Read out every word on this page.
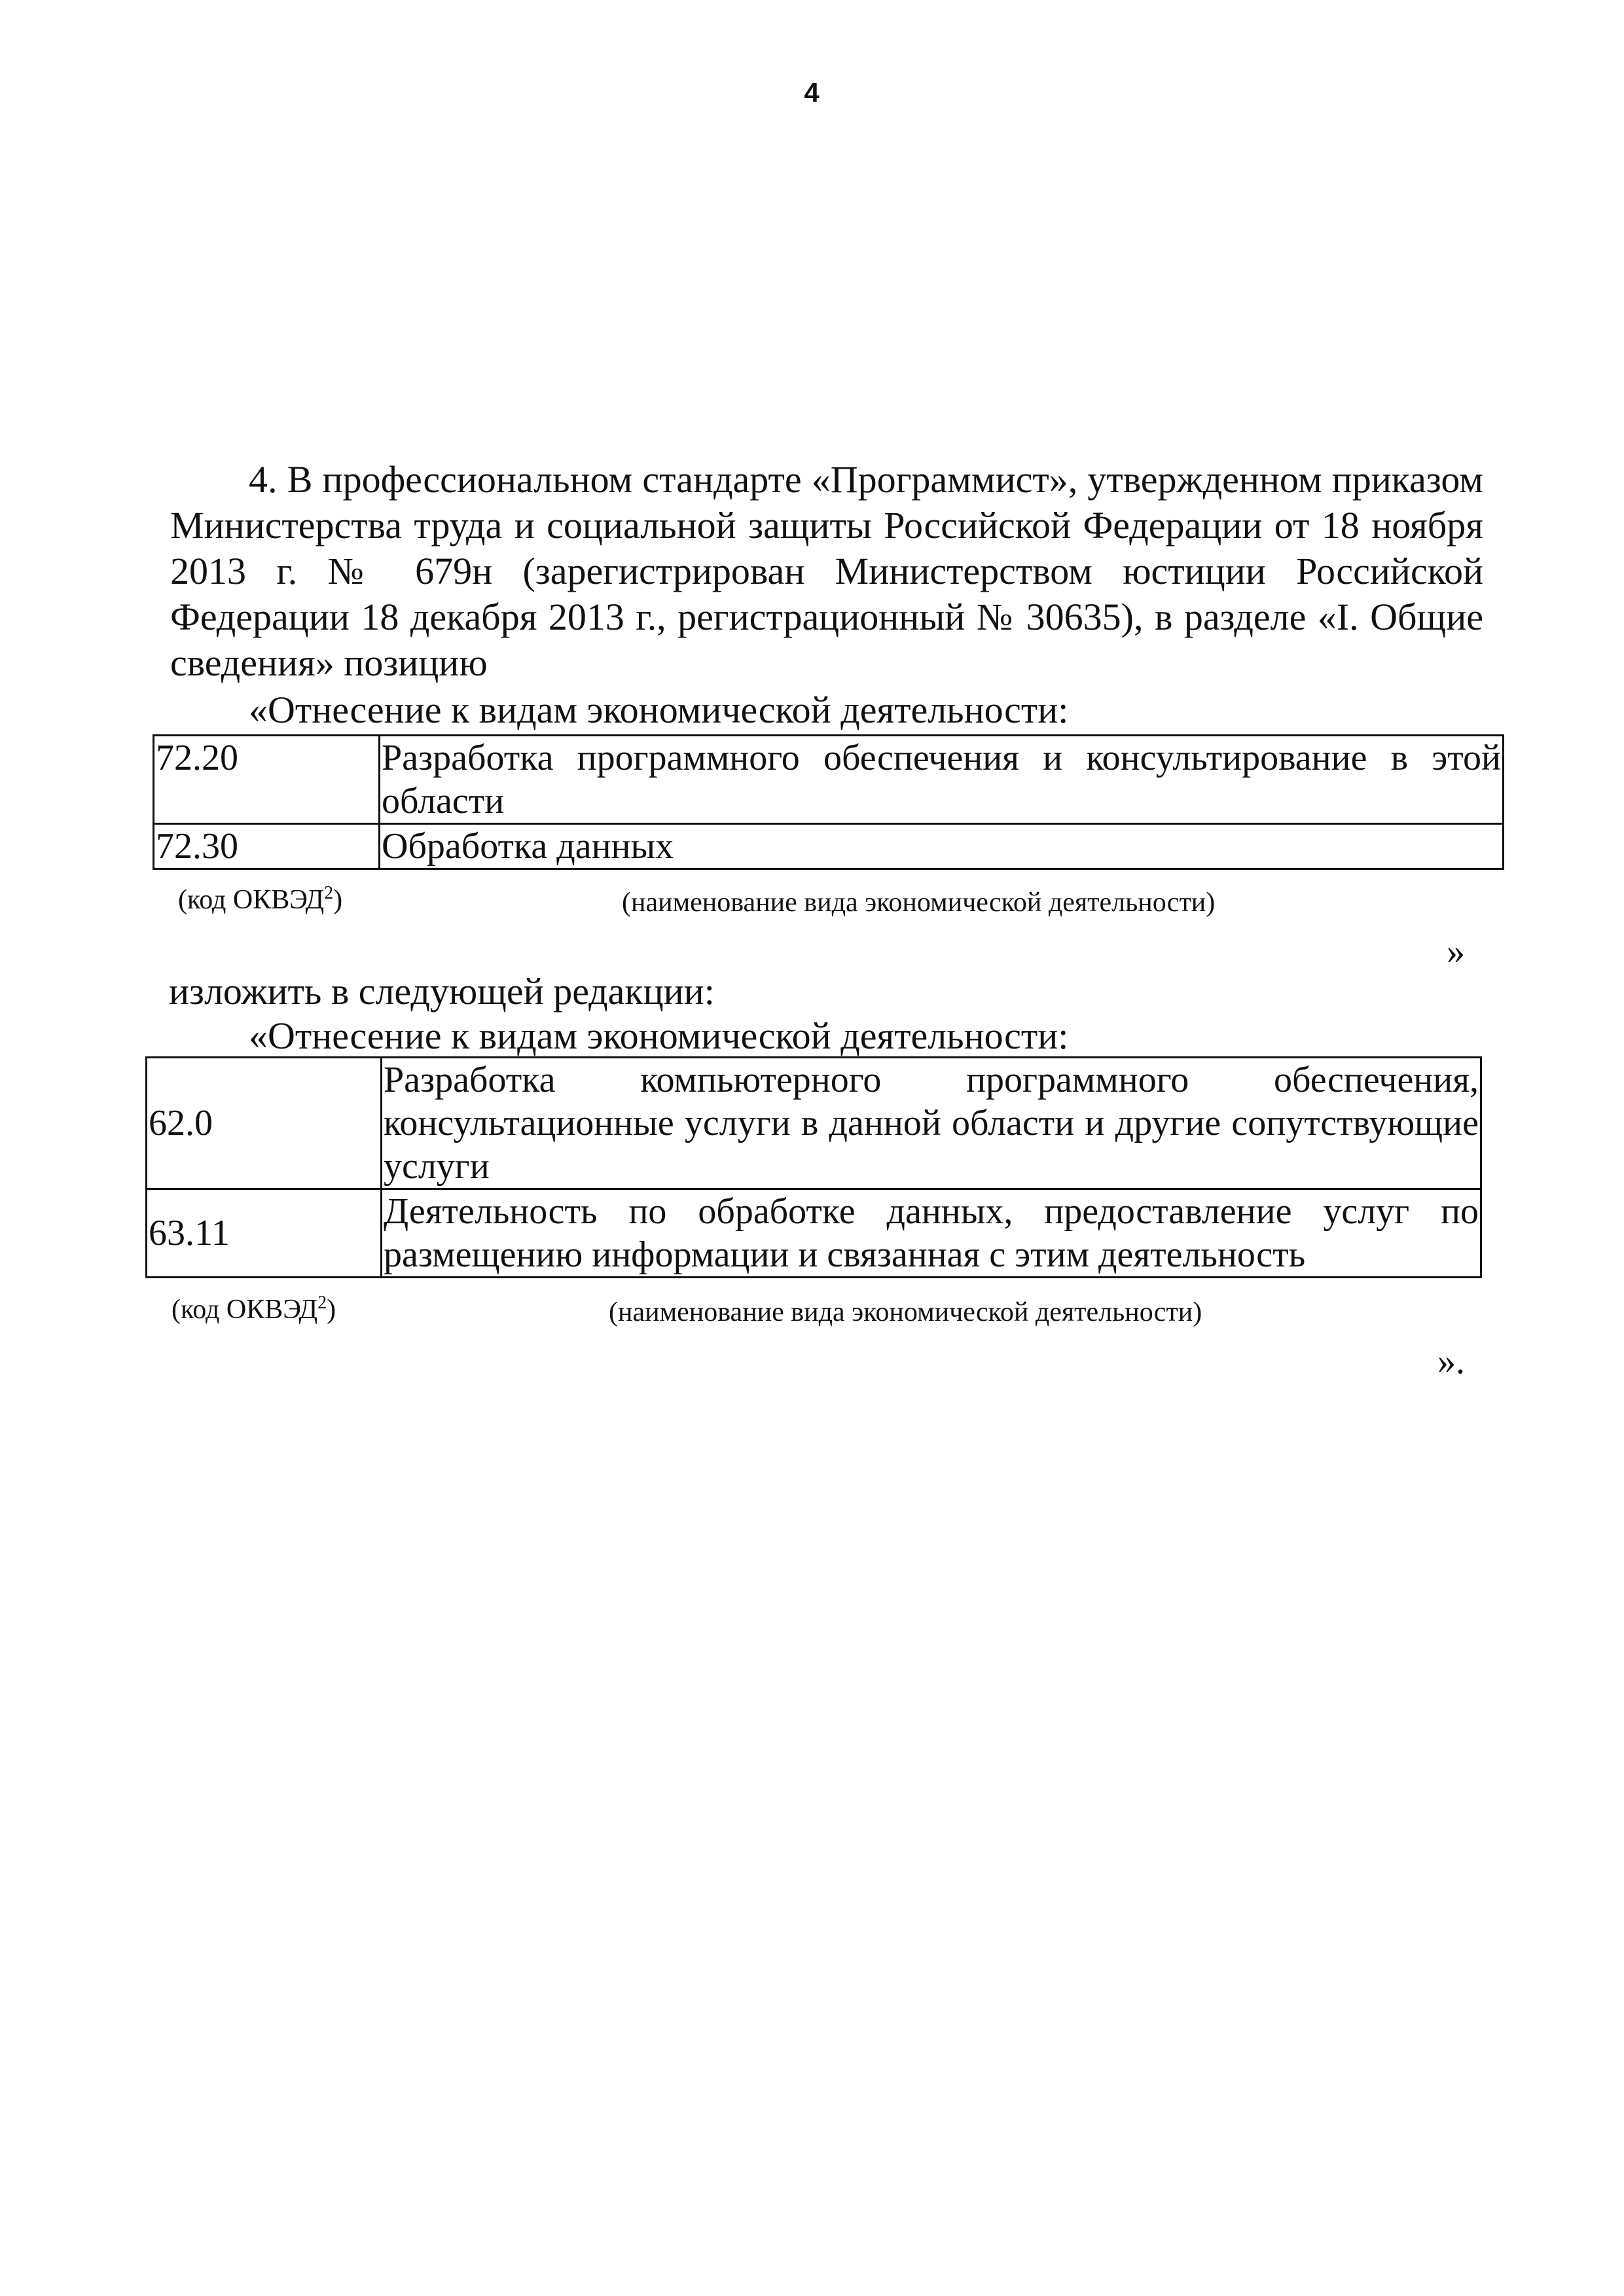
4
4. В профессиональном стандарте «Программист», утвержденном приказом Министерства труда и социальной защиты Российской Федерации от 18 ноября 2013 г. № 679н (зарегистрирован Министерством юстиции Российской Федерации 18 декабря 2013 г., регистрационный № 30635), в разделе «I. Общие сведения» позицию
«Отнесение к видам экономической деятельности:
72.20	Разработка программного обеспечения и консультирование в этой области
72.30	Обработка данных
(код ОКВЭД$^2$)	(наименование вида экономической деятельности)
»
изложить в следующей редакции:
«Отнесение к видам экономической деятельности:
62.0	Разработка компьютерного программного обеспечения, консультационные услуги в данной области и другие сопутствующие услуги
63.11	Деятельность по обработке данных, предоставление услуг по размещению информации и связанная с этим деятельность
(код ОКВЭД$^2$)	(наименование вида экономической деятельности)
».
